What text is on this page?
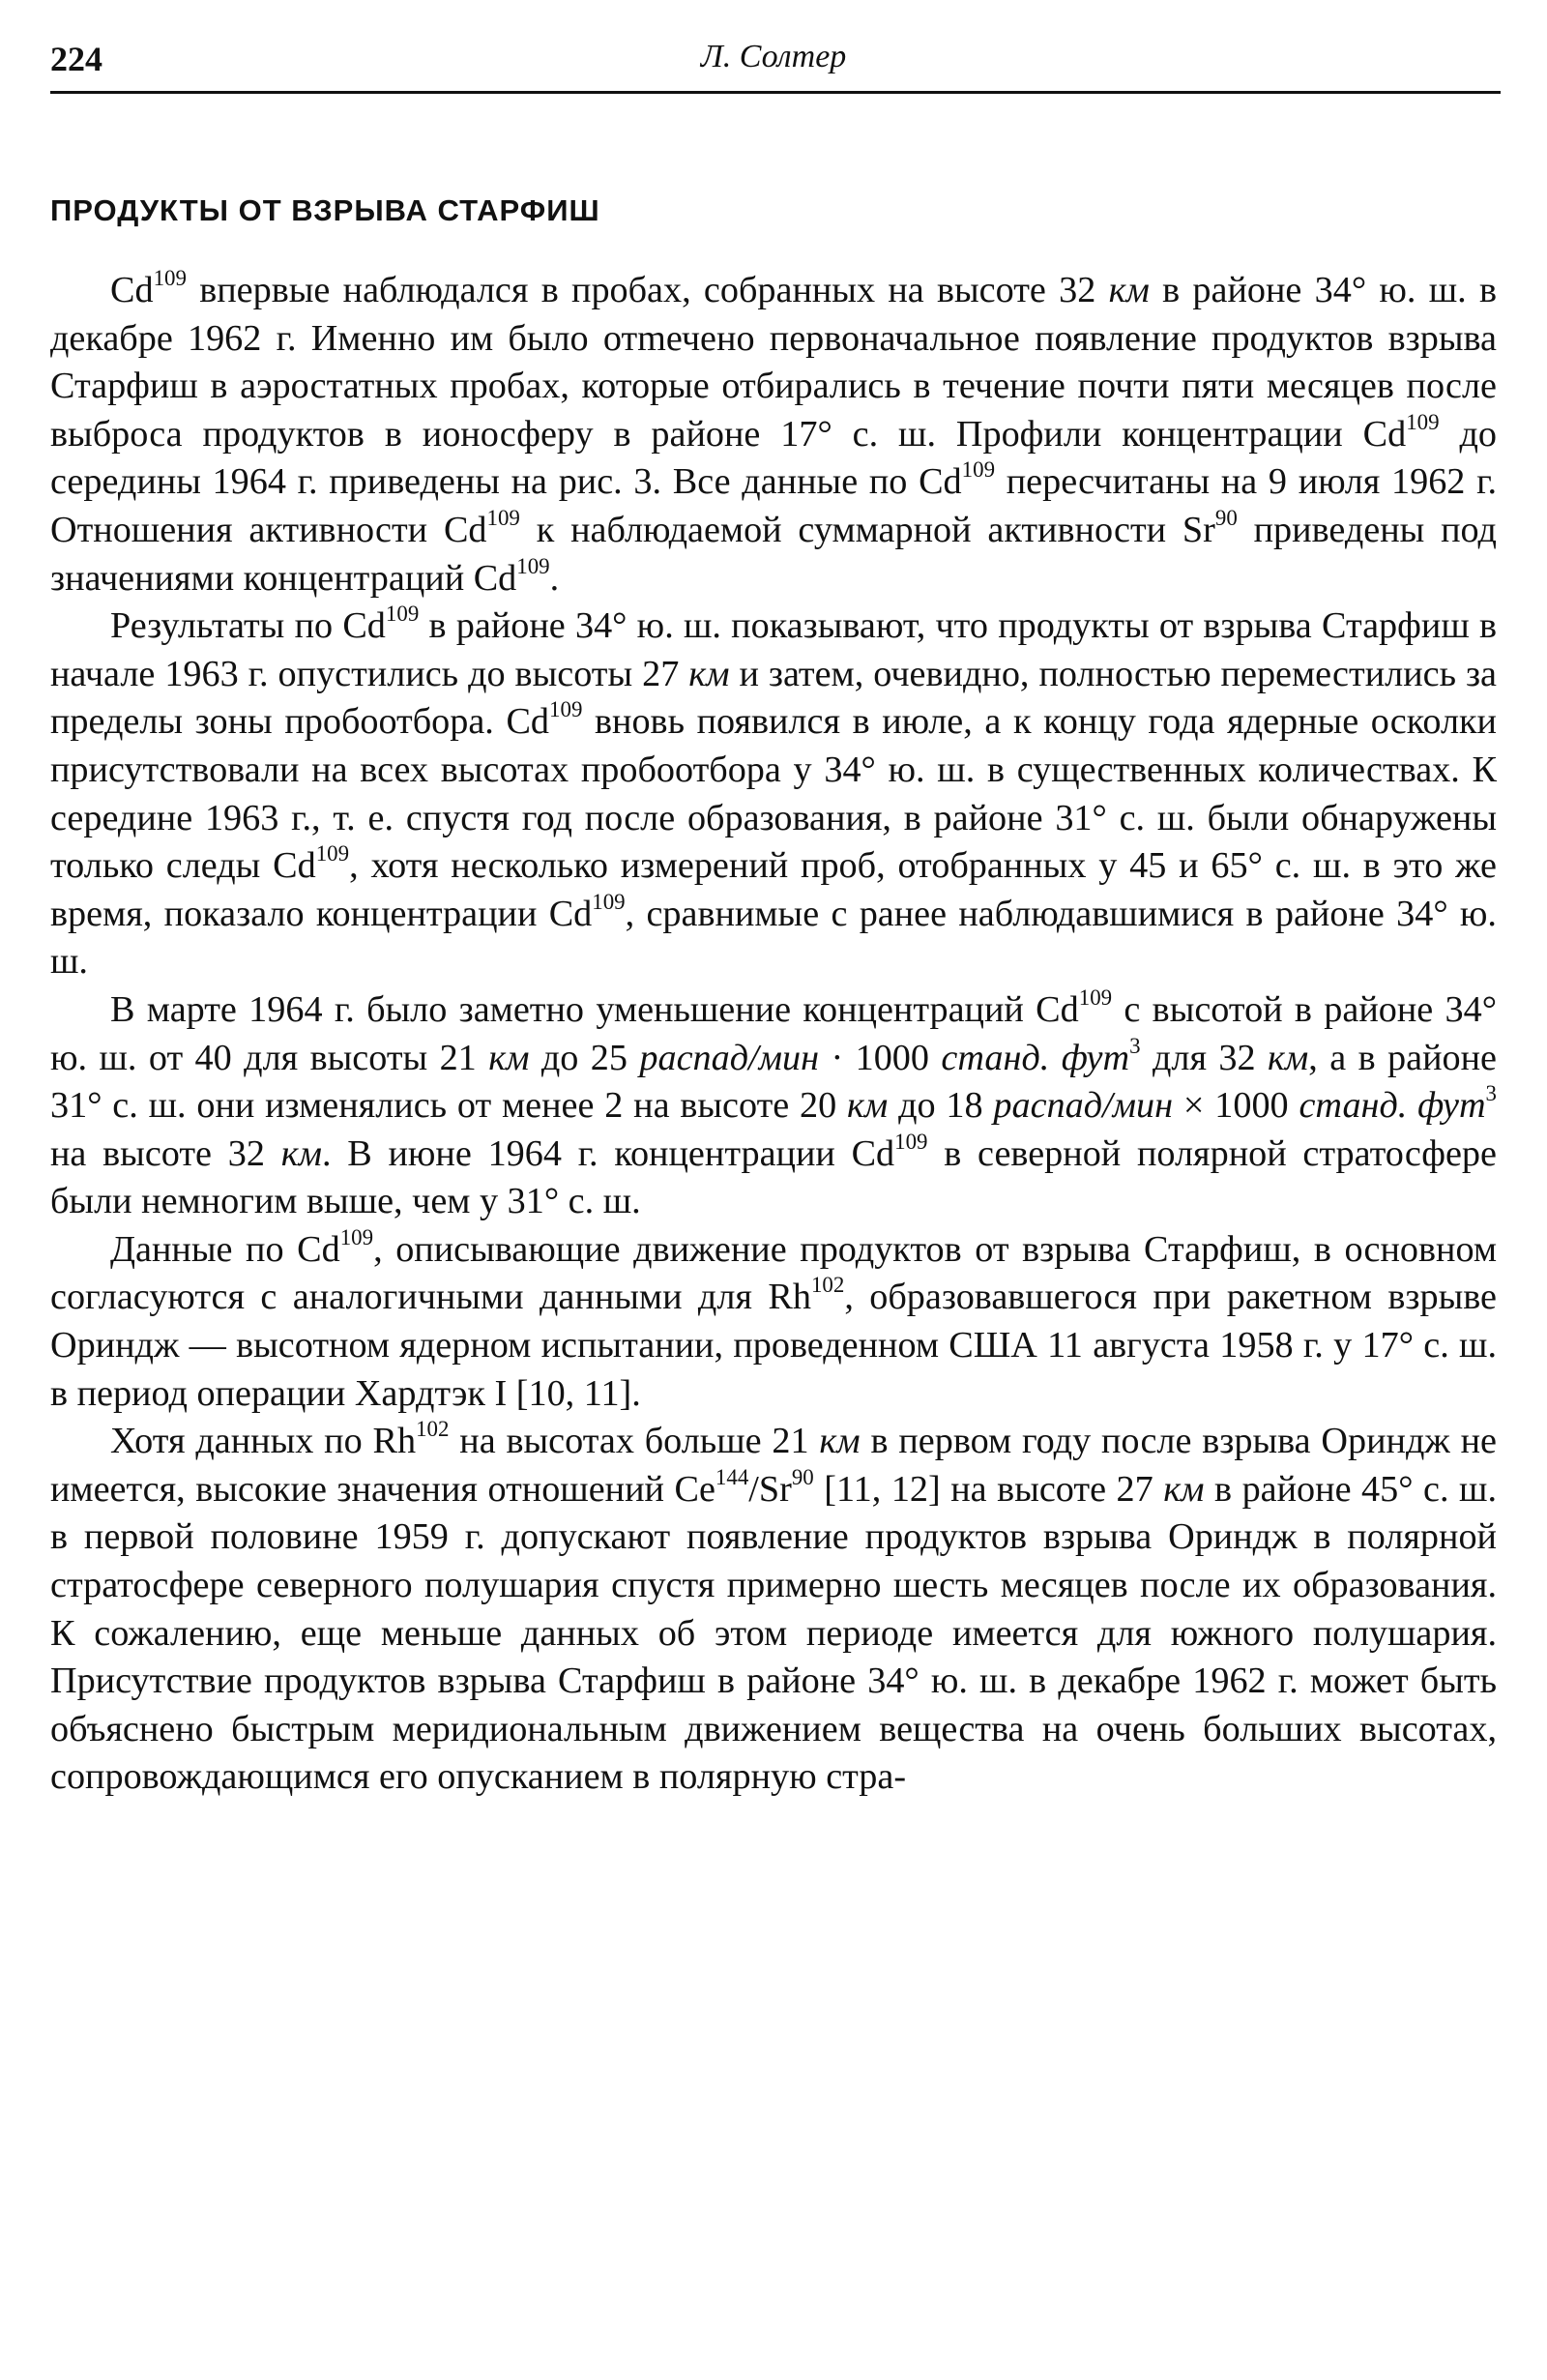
224	Л. Солтер
ПРОДУКТЫ ОТ ВЗРЫВА СТАРФИШ

Cd$^{109}$ впервые наблюдался в пробах, собранных на высоте 32 км в районе 34° ю. ш. в декабре 1962 г. Именно им было отmечено первоначальное появление продуктов взрыва Старфиш в аэростатных пробах, которые отбирались в течение почти пяти месяцев после выброса продуктов в ионосферу в районе 17° с. ш. Профили концентрации Cd$^{109}$ до середины 1964 г. приведены на рис. 3. Все данные по Cd$^{109}$ пересчитаны на 9 июля 1962 г. Отношения активности Cd$^{109}$ к наблюдаемой суммарной активности Sr$^{90}$ приведены под значениями концентраций Cd$^{109}$.

Результаты по Cd$^{109}$ в районе 34° ю. ш. показывают, что продукты от взрыва Старфиш в начале 1963 г. опустились до высоты 27 км и затем, очевидно, полностью переместились за пределы зоны пробоотбора. Cd$^{109}$ вновь появился в июле, а к концу года ядерные осколки присутствовали на всех высотах пробоотбора у 34° ю. ш. в существенных количествах. К середине 1963 г., т. е. спустя год после образования, в районе 31° с. ш. были обнаружены только следы Cd$^{109}$, хотя несколько измерений проб, отобранных у 45 и 65° с. ш. в это же время, показало концентрации Cd$^{109}$, сравнимые с ранее наблюдавшимися в районе 34° ю. ш.

В марте 1964 г. было заметно уменьшение концентраций Cd$^{109}$ с высотой в районе 34° ю. ш. от 40 для высоты 21 км до 25 распад/мин · 1000 станд. фут$^3$ для 32 км, а в районе 31° с. ш. они изменялись от менее 2 на высоте 20 км до 18 распад/мин × 1000 станд. фут$^3$ на высоте 32 км. В июне 1964 г. концентрации Cd$^{109}$ в северной полярной стратосфере были немногим выше, чем у 31° с. ш.

Данные по Cd$^{109}$, описывающие движение продуктов от взрыва Старфиш, в основном согласуются с аналогичными данными для Rh$^{102}$, образовавшегося при ракетном взрыве Ориндж — высотном ядерном испытании, проведенном США 11 августа 1958 г. у 17° с. ш. в период операции Хардтэк I [10, 11].

Хотя данных по Rh$^{102}$ на высотах больше 21 км в первом году после взрыва Ориндж не имеется, высокие значения отношений Ce$^{144}$/Sr$^{90}$ [11, 12] на высоте 27 км в районе 45° с. ш. в первой половине 1959 г. допускают появление продуктов взрыва Ориндж в полярной стратосфере северного полушария спустя примерно шесть месяцев после их образования. К сожалению, еще меньше данных об этом периоде имеется для южного полушария. Присутствие продуктов взрыва Старфиш в районе 34° ю. ш. в декабре 1962 г. может быть объяснено быстрым меридиональным движением вещества на очень больших высотах, сопровождающимся его опусканием в полярную стра-
